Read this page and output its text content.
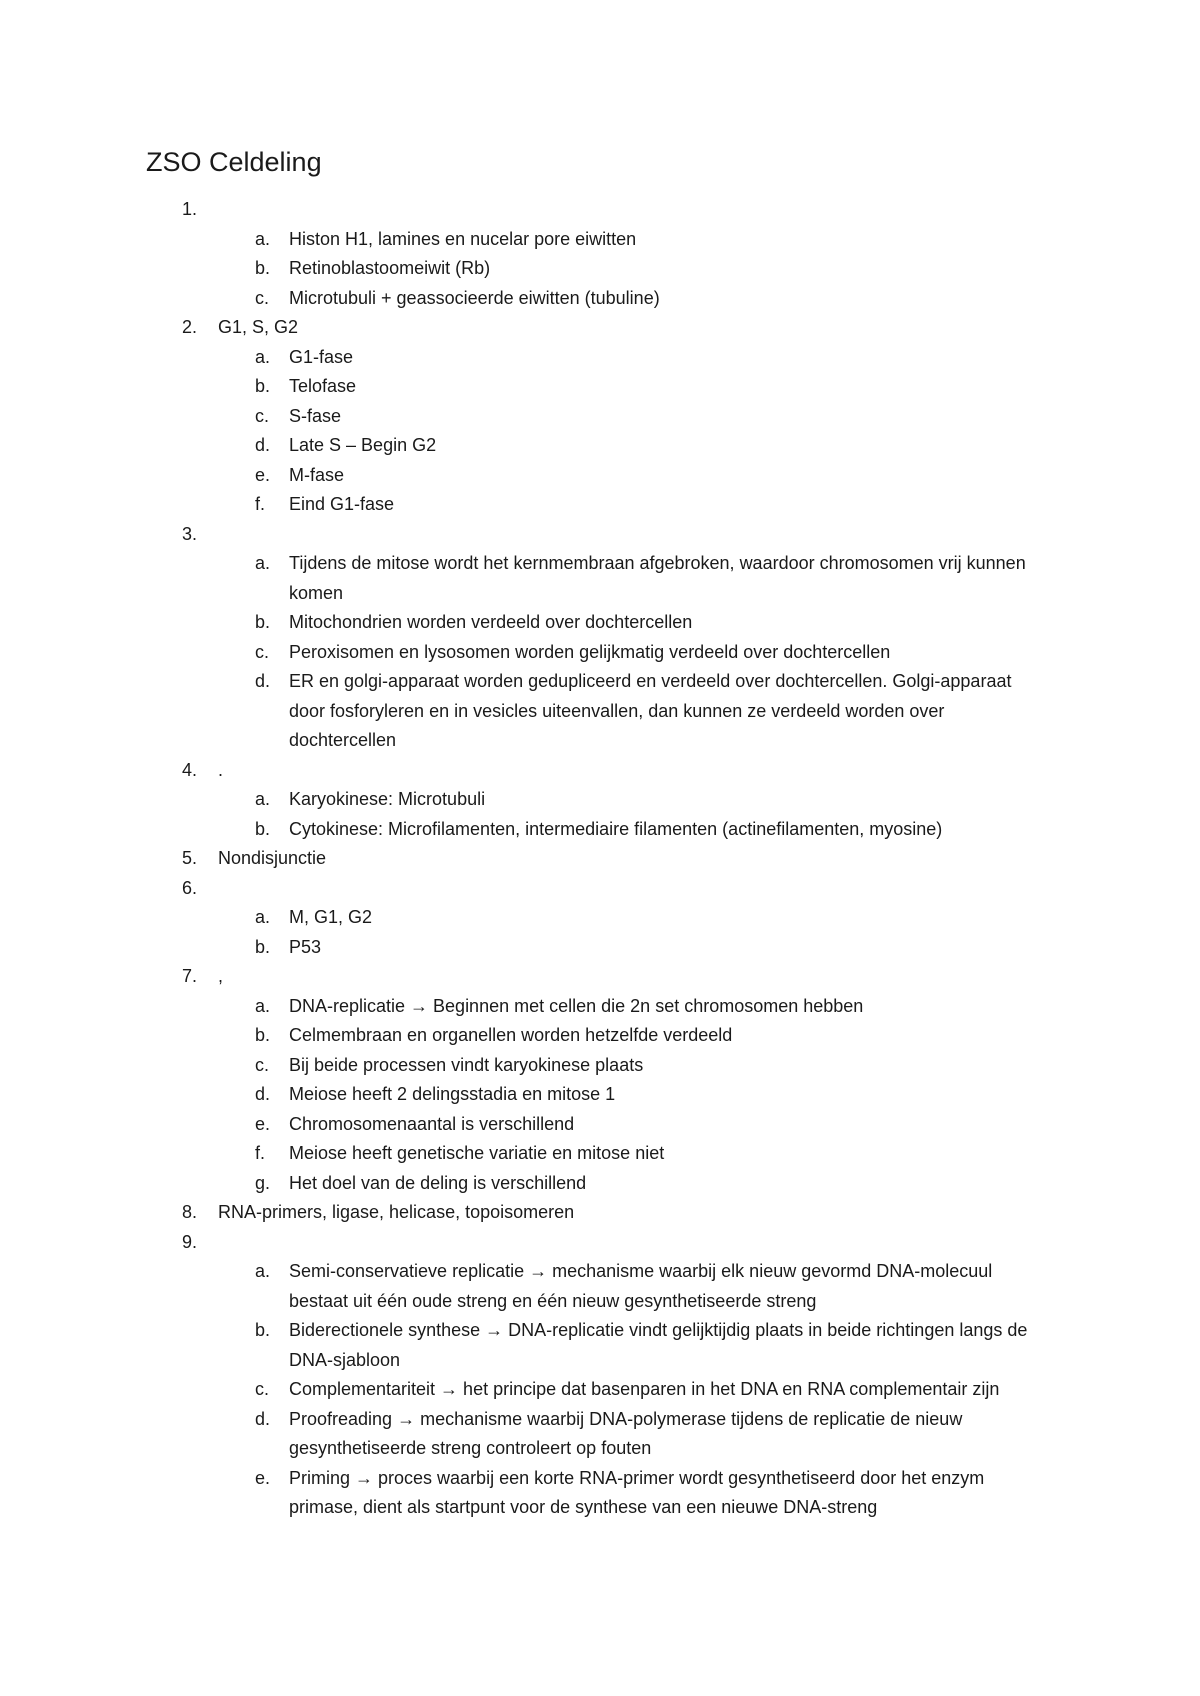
ZSO Celdeling
1.
a. Histon H1, lamines en nucelar pore eiwitten
b. Retinoblastoomeiwit (Rb)
c. Microtubuli + geassocieerde eiwitten (tubuline)
2. G1, S, G2
a. G1-fase
b. Telofase
c. S-fase
d. Late S – Begin G2
e. M-fase
f. Eind G1-fase
3.
a. Tijdens de mitose wordt het kernmembraan afgebroken, waardoor chromosomen vrij kunnen komen
b. Mitochondrien worden verdeeld over dochtercellen
c. Peroxisomen en lysosomen worden gelijkmatig verdeeld over dochtercellen
d. ER en golgi-apparaat worden gedupliceerd en verdeeld over dochtercellen. Golgi-apparaat door fosforyleren en in vesicles uiteenvallen, dan kunnen ze verdeeld worden over dochtercellen
4. .
a. Karyokinese: Microtubuli
b. Cytokinese: Microfilamenten, intermediaire filamenten (actinefilamenten, myosine)
5. Nondisjunctie
6.
a. M, G1, G2
b. P53
7. ,
a. DNA-replicatie → Beginnen met cellen die 2n set chromosomen hebben
b. Celmembraan en organellen worden hetzelfde verdeeld
c. Bij beide processen vindt karyokinese plaats
d. Meiose heeft 2 delingsstadia en mitose 1
e. Chromosomenaantal is verschillend
f. Meiose heeft genetische variatie en mitose niet
g. Het doel van de deling is verschillend
8. RNA-primers, ligase, helicase, topoisomeren
9.
a. Semi-conservatieve replicatie → mechanisme waarbij elk nieuw gevormd DNA-molecuul bestaat uit één oude streng en één nieuw gesynthetiseerde streng
b. Biderectionele synthese → DNA-replicatie vindt gelijktijdig plaats in beide richtingen langs de DNA-sjabloon
c. Complementariteit → het principe dat basenparen in het DNA en RNA complementair zijn
d. Proofreading → mechanisme waarbij DNA-polymerase tijdens de replicatie de nieuw gesynthetiseerde streng controleert op fouten
e. Priming → proces waarbij een korte RNA-primer wordt gesynthetiseerd door het enzym primase, dient als startpunt voor de synthese van een nieuwe DNA-streng
